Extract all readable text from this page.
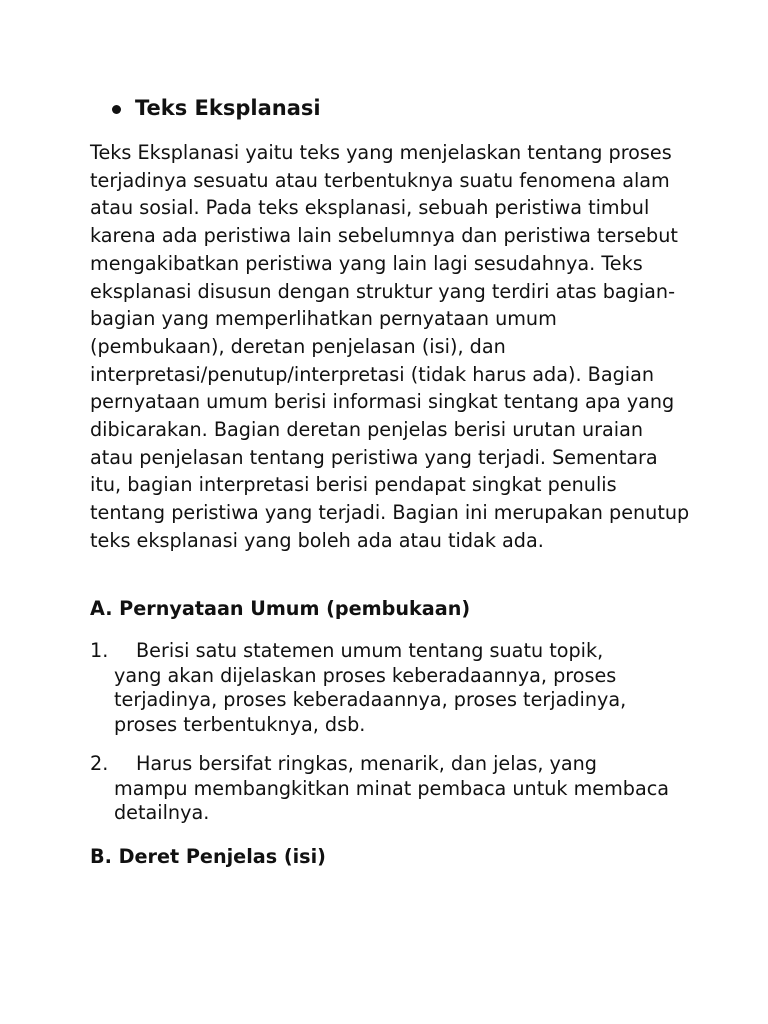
Teks Eksplanasi

Teks Eksplanasi yaitu teks yang menjelaskan tentang proses terjadinya sesuatu atau terbentuknya suatu fenomena alam atau sosial. Pada teks eksplanasi, sebuah peristiwa timbul karena ada peristiwa lain sebelumnya dan peristiwa tersebut mengakibatkan peristiwa yang lain lagi sesudahnya. Teks eksplanasi disusun dengan struktur yang terdiri atas bagian-bagian yang memperlihatkan pernyataan umum (pembukaan), deretan penjelasan (isi), dan interpretasi/penutup/interpretasi (tidak harus ada). Bagian pernyataan umum berisi informasi singkat tentang apa yang dibicarakan. Bagian deretan penjelas berisi urutan uraian atau penjelasan tentang peristiwa yang terjadi. Sementara itu, bagian interpretasi berisi pendapat singkat penulis tentang peristiwa yang terjadi. Bagian ini merupakan penutup teks eksplanasi yang boleh ada atau tidak ada.

A. Pernyataan Umum (pembukaan)
1. Berisi satu statemen umum tentang suatu topik,
yang akan dijelaskan proses keberadaannya, proses terjadinya, proses keberadaannya, proses terjadinya, proses terbentuknya, dsb.
2. Harus bersifat ringkas, menarik, dan jelas, yang
mampu membangkitkan minat pembaca untuk membaca detailnya.
B. Deret Penjelas (isi)
